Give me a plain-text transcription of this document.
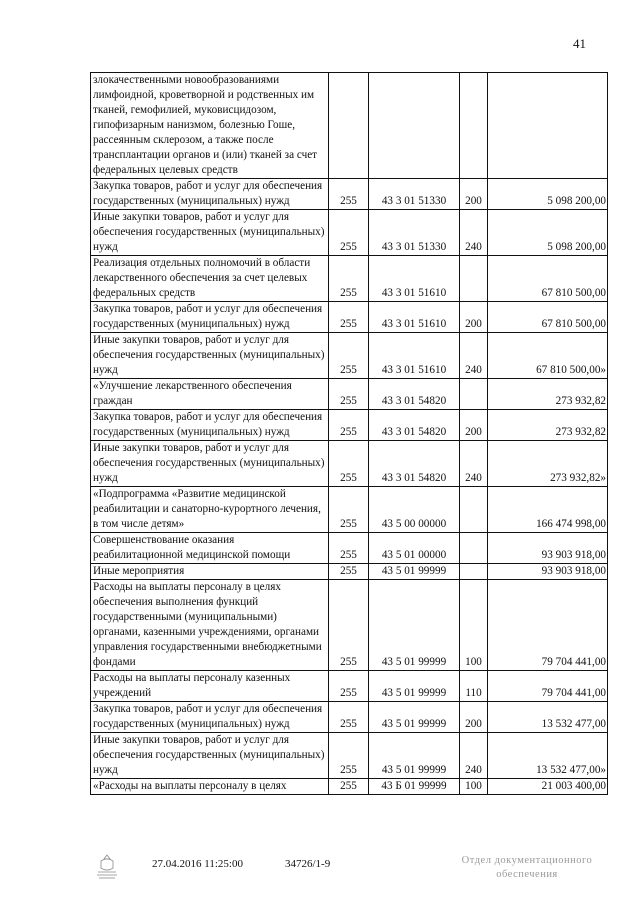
41
злокачественными новообразованиями лимфоидной, кроветворной и родственных им тканей, гемофилией, муковисцидозом, гипофизарным нанизмом, болезнью Гоше, рассеянным склерозом, а также после трансплантации органов и (или) тканей за счет федеральных целевых средств				
Закупка товаров, работ и услуг для обеспечения государственных (муниципальных) нужд	255	43 3 01 51330	200	5 098 200,00
Иные закупки товаров, работ и услуг для обеспечения государственных (муниципальных) нужд	255	43 3 01 51330	240	5 098 200,00
Реализация отдельных полномочий в области лекарственного обеспечения за счет целевых федеральных средств	255	43 3 01 51610		67 810 500,00
Закупка товаров, работ и услуг для обеспечения государственных (муниципальных) нужд	255	43 3 01 51610	200	67 810 500,00
Иные закупки товаров, работ и услуг для обеспечения государственных (муниципальных) нужд	255	43 3 01 51610	240	67 810 500,00»
«Улучшение лекарственного обеспечения граждан	255	43 3 01 54820		273 932,82
Закупка товаров, работ и услуг для обеспечения государственных (муниципальных) нужд	255	43 3 01 54820	200	273 932,82
Иные закупки товаров, работ и услуг для обеспечения государственных (муниципальных) нужд	255	43 3 01 54820	240	273 932,82»
«Подпрограмма «Развитие медицинской реабилитации и санаторно-курортного лечения, в том числе детям»	255	43 5 00 00000		166 474 998,00
Совершенствование оказания реабилитационной медицинской помощи	255	43 5 01 00000		93 903 918,00
Иные мероприятия	255	43 5 01 99999		93 903 918,00
Расходы на выплаты персоналу в целях обеспечения выполнения функций государственными (муниципальными) органами, казенными учреждениями, органами управления государственными внебюджетными фондами	255	43 5 01 99999	100	79 704 441,00
Расходы на выплаты персоналу казенных учреждений	255	43 5 01 99999	110	79 704 441,00
Закупка товаров, работ и услуг для обеспечения государственных (муниципальных) нужд	255	43 5 01 99999	200	13 532 477,00
Иные закупки товаров, работ и услуг для обеспечения государственных (муниципальных) нужд	255	43 5 01 99999	240	13 532 477,00»
«Расходы на выплаты персоналу в целях	255	43 Б 01 99999	100	21 003 400,00
27.04.2016 11:25:00	34726/1-9	Отдел документационного обеспечения
